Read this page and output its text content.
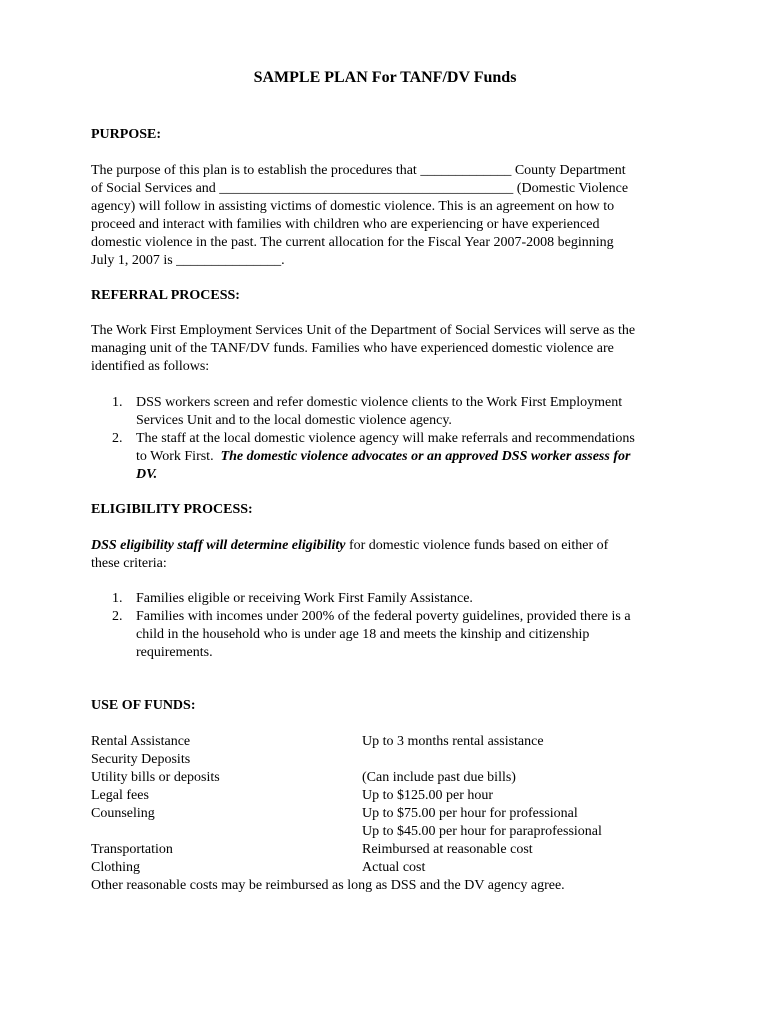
SAMPLE PLAN For TANF/DV Funds
PURPOSE:
The purpose of this plan is to establish the procedures that _____________ County Department
of Social Services and __________________________________________ (Domestic Violence
agency) will follow in assisting victims of domestic violence. This is an agreement on how to
proceed and interact with families with children who are experiencing or have experienced
domestic violence in the past. The current allocation for the Fiscal Year 2007-2008 beginning
July 1, 2007 is _______________.
REFERRAL PROCESS:
The Work First Employment Services Unit of the Department of Social Services will serve as the
managing unit of the TANF/DV funds. Families who have experienced domestic violence are
identified as follows:
1. DSS workers screen and refer domestic violence clients to the Work First Employment
Services Unit and to the local domestic violence agency.
2. The staff at the local domestic violence agency will make referrals and recommendations
to Work First.  The domestic violence advocates or an approved DSS worker assess for
DV.
ELIGIBILITY PROCESS:
DSS eligibility staff will determine eligibility for domestic violence funds based on either of
these criteria:
1. Families eligible or receiving Work First Family Assistance.
2. Families with incomes under 200% of the federal poverty guidelines, provided there is a
child in the household who is under age 18 and meets the kinship and citizenship
requirements.
USE OF FUNDS:
Rental Assistance	Up to 3 months rental assistance
Security Deposits
Utility bills or deposits	(Can include past due bills)
Legal fees	Up to $125.00 per hour
Counseling	Up to $75.00 per hour for professional
Up to $45.00 per hour for paraprofessional
Transportation	Reimbursed at reasonable cost
Clothing	Actual cost
Other reasonable costs may be reimbursed as long as DSS and the DV agency agree.
